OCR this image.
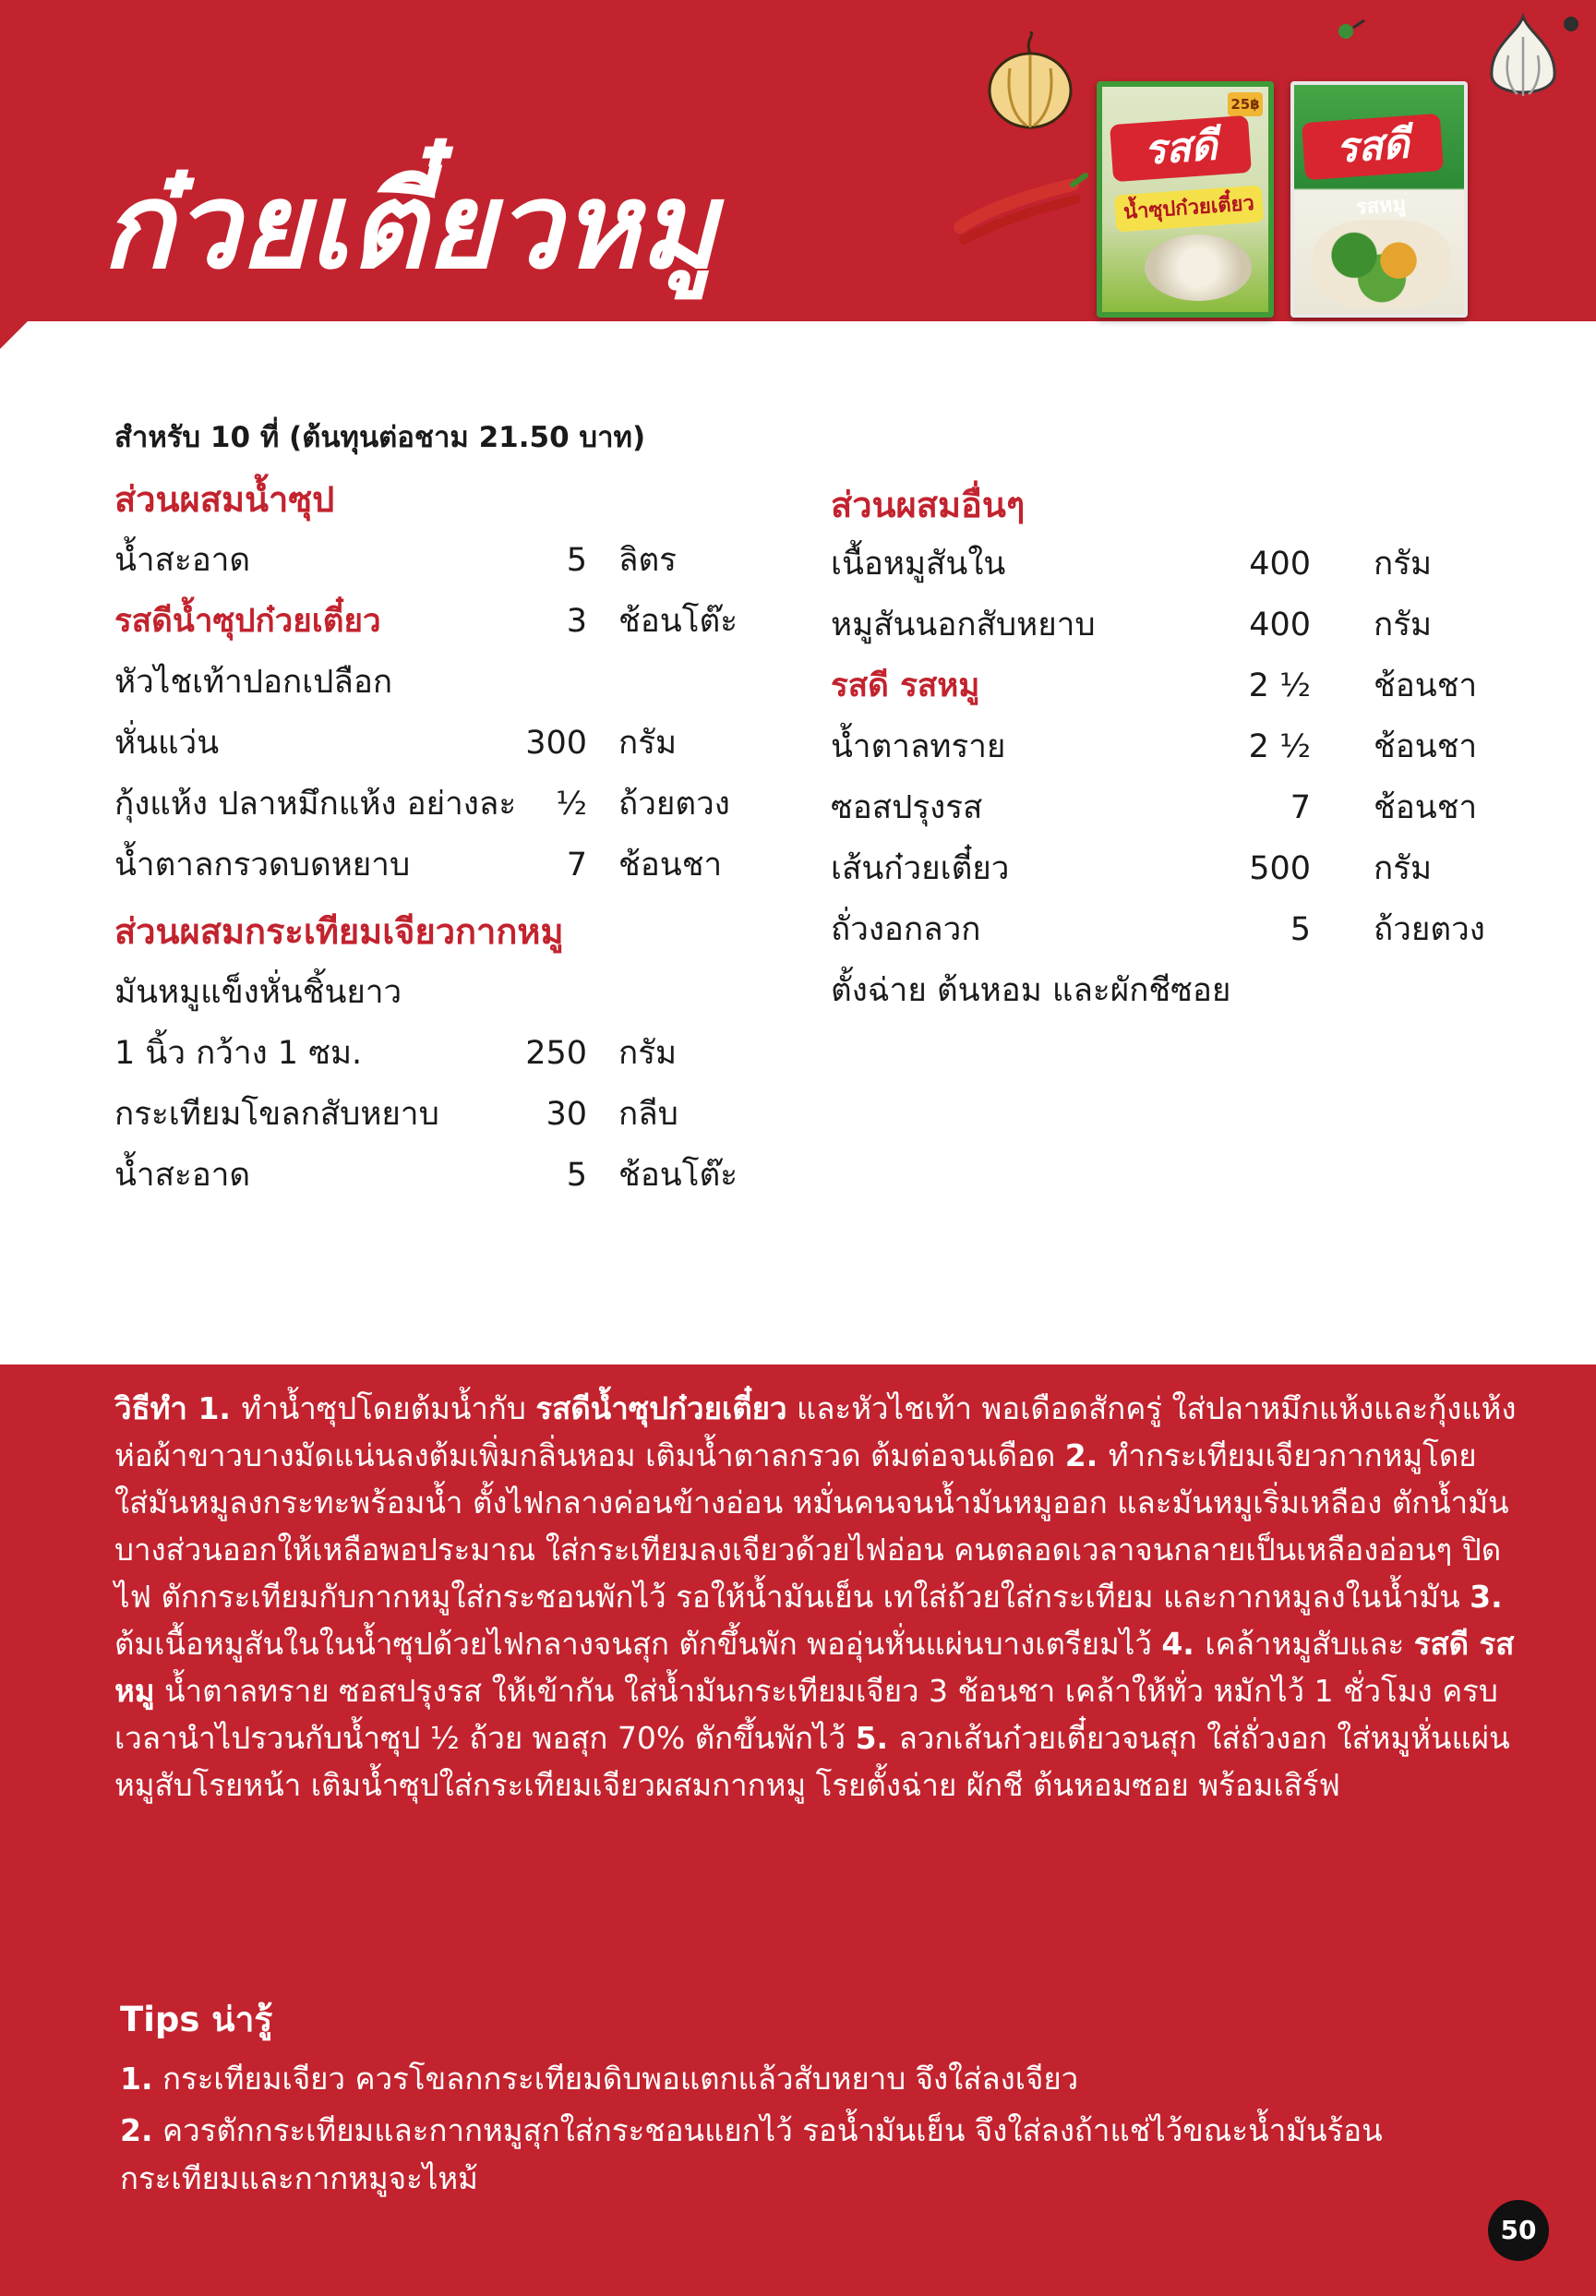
ก๋วยเตี๋ยวหมู
25฿
รสดี
น้ำซุปก๋วยเตี๋ยว
รสดี
รสหมู

สำหรับ 10 ที่ (ต้นทุนต่อชาม 21.50 บาท)

ส่วนผสมน้ำซุป
น้ำสะอาด	5 ลิตร
รสดีน้ำซุปก๋วยเตี๋ยว	3 ช้อนโต๊ะ
หัวไชเท้าปอกเปลือก
หั่นแว่น	300 กรัม
กุ้งแห้ง ปลาหมึกแห้ง อย่างละ	½ ถ้วยตวง
น้ำตาลกรวดบดหยาบ	7 ช้อนชา
ส่วนผสมกระเทียมเจียวกากหมู
มันหมูแข็งหั่นชิ้นยาว
1 นิ้ว กว้าง 1 ซม.	250 กรัม
กระเทียมโขลกสับหยาบ	30 กลีบ
น้ำสะอาด	5 ช้อนโต๊ะ
ส่วนผสมอื่นๆ
เนื้อหมูสันใน	400 กรัม
หมูสันนอกสับหยาบ	400 กรัม
รสดี รสหมู	2 ½ ช้อนชา
น้ำตาลทราย	2 ½ ช้อนชา
ซอสปรุงรส	7 ช้อนชา
เส้นก๋วยเตี๋ยว	500 กรัม
ถั่วงอกลวก	5 ถ้วยตวง
ตั้งฉ่าย ต้นหอม และผักชีซอย

วิธีทำ 1. ทำน้ำซุปโดยต้มน้ำกับ รสดีน้ำซุปก๋วยเตี๋ยว และหัวไชเท้า พอเดือดสักครู่ ใส่ปลาหมึกแห้งและกุ้งแห้งห่อผ้าขาวบางมัดแน่นลงต้มเพิ่มกลิ่นหอม เติมน้ำตาลกรวด ต้มต่อจนเดือด 2. ทำกระเทียมเจียวกากหมูโดย ใส่มันหมูลงกระทะพร้อมน้ำ ตั้งไฟกลางค่อนข้างอ่อน หมั่นคนจนน้ำมันหมูออก และมันหมูเริ่มเหลือง ตักน้ำมันบางส่วนออกให้เหลือพอประมาณ ใส่กระเทียมลงเจียวด้วยไฟอ่อน คนตลอดเวลาจนกลายเป็นเหลืองอ่อนๆ ปิดไฟ ตักกระเทียมกับกากหมูใส่กระชอนพักไว้ รอให้น้ำมันเย็น เทใส่ถ้วยใส่กระเทียม และกากหมูลงในน้ำมัน 3. ต้มเนื้อหมูสันในในน้ำซุปด้วยไฟกลางจนสุก ตักขึ้นพัก พออุ่นหั่นแผ่นบางเตรียมไว้ 4. เคล้าหมูสับและ รสดี รสหมู น้ำตาลทราย ซอสปรุงรส ให้เข้ากัน ใส่น้ำมันกระเทียมเจียว 3 ช้อนชา เคล้าให้ทั่ว หมักไว้ 1 ชั่วโมง ครบเวลานำไปรวนกับน้ำซุป ½ ถ้วย พอสุก 70% ตักขึ้นพักไว้ 5. ลวกเส้นก๋วยเตี๋ยวจนสุก ใส่ถั่วงอก ใส่หมูหั่นแผ่น หมูสับโรยหน้า เติมน้ำซุปใส่กระเทียมเจียวผสมกากหมู โรยตั้งฉ่าย ผักชี ต้นหอมซอย พร้อมเสิร์ฟ

Tips น่ารู้

1. กระเทียมเจียว ควรโขลกกระเทียมดิบพอแตกแล้วสับหยาบ จึงใส่ลงเจียว

2. ควรตักกระเทียมและกากหมูสุกใส่กระชอนแยกไว้ รอน้ำมันเย็น จึงใส่ลงถ้าแช่ไว้ขณะน้ำมันร้อน กระเทียมและกากหมูจะไหม้

50
